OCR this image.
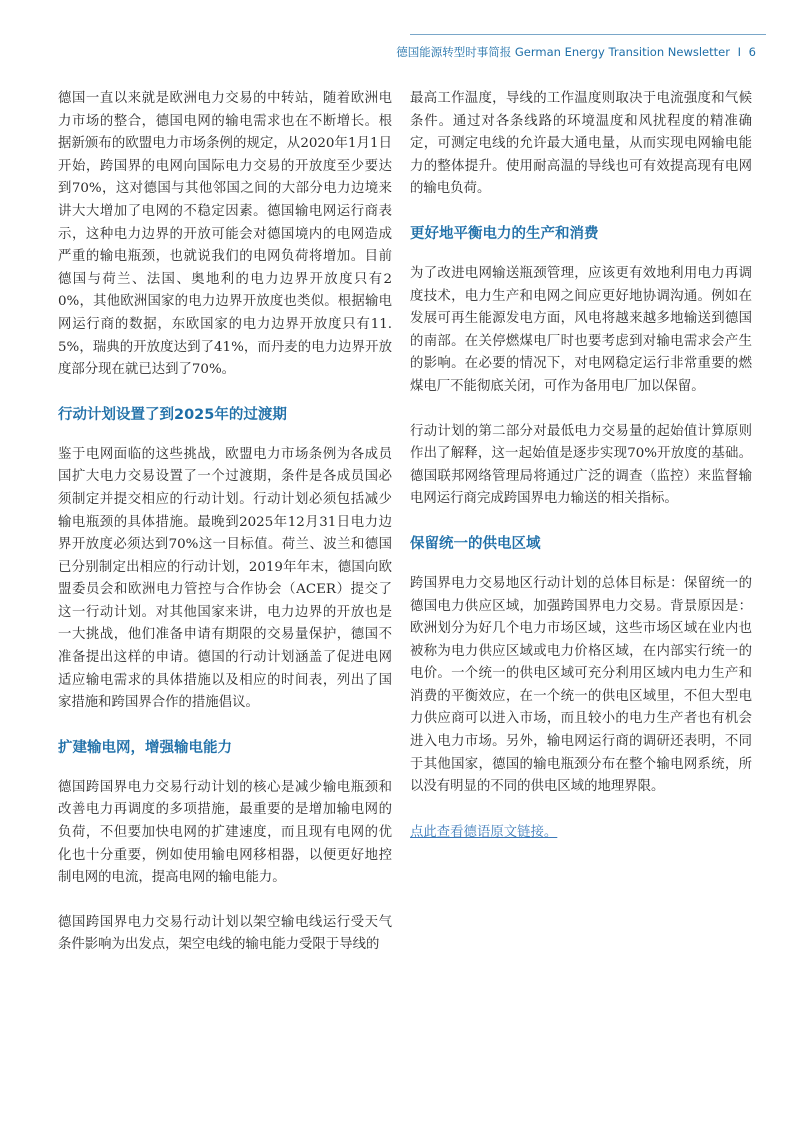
德国能源转型时事简报 German Energy Transition Newsletter I 6

德国一直以来就是欧洲电力交易的中转站，随着欧洲电力市场的整合，德国电网的输电需求也在不断增长。根据新颁布的欧盟电力市场条例的规定，从2020年1月1日开始，跨国界的电网向国际电力交易的开放度至少要达到70%，这对德国与其他邻国之间的大部分电力边境来讲大大增加了电网的不稳定因素。德国输电网运行商表示，这种电力边界的开放可能会对德国境内的电网造成严重的输电瓶颈，也就说我们的电网负荷将增加。目前德国与荷兰、法国、奥地利的电力边界开放度只有20%，其他欧洲国家的电力边界开放度也类似。根据输电网运行商的数据，东欧国家的电力边界开放度只有11.5%，瑞典的开放度达到了41%，而丹麦的电力边界开放度部分现在就已达到了70%。

行动计划设置了到2025年的过渡期

鉴于电网面临的这些挑战，欧盟电力市场条例为各成员国扩大电力交易设置了一个过渡期，条件是各成员国必须制定并提交相应的行动计划。行动计划必须包括减少输电瓶颈的具体措施。最晚到2025年12月31日电力边界开放度必须达到70%这一目标值。荷兰、波兰和德国已分别制定出相应的行动计划，2019年年末，德国向欧盟委员会和欧洲电力管控与合作协会（ACER）提交了这一行动计划。对其他国家来讲，电力边界的开放也是一大挑战，他们准备申请有期限的交易量保护，德国不准备提出这样的申请。德国的行动计划涵盖了促进电网适应输电需求的具体措施以及相应的时间表，列出了国家措施和跨国界合作的措施倡议。

扩建输电网，增强输电能力

德国跨国界电力交易行动计划的核心是减少输电瓶颈和改善电力再调度的多项措施，最重要的是增加输电网的负荷，不但要加快电网的扩建速度，而且现有电网的优化也十分重要，例如使用输电网移相器，以便更好地控制电网的电流，提高电网的输电能力。

德国跨国界电力交易行动计划以架空输电线运行受天气条件影响为出发点，架空电线的输电能力受限于导线的

最高工作温度，导线的工作温度则取决于电流强度和气候条件。通过对各条线路的环境温度和风扰程度的精准确定，可测定电线的允许最大通电量，从而实现电网输电能力的整体提升。使用耐高温的导线也可有效提高现有电网的输电负荷。

更好地平衡电力的生产和消费

为了改进电网输送瓶颈管理，应该更有效地利用电力再调度技术，电力生产和电网之间应更好地协调沟通。例如在发展可再生能源发电方面，风电将越来越多地输送到德国的南部。在关停燃煤电厂时也要考虑到对输电需求会产生的影响。在必要的情况下，对电网稳定运行非常重要的燃煤电厂不能彻底关闭，可作为备用电厂加以保留。

行动计划的第二部分对最低电力交易量的起始值计算原则作出了解释，这一起始值是逐步实现70%开放度的基础。德国联邦网络管理局将通过广泛的调查（监控）来监督输电网运行商完成跨国界电力输送的相关指标。

保留统一的供电区域

跨国界电力交易地区行动计划的总体目标是：保留统一的德国电力供应区域，加强跨国界电力交易。背景原因是：欧洲划分为好几个电力市场区域，这些市场区域在业内也被称为电力供应区域或电力价格区域，在内部实行统一的电价。一个统一的供电区域可充分利用区域内电力生产和消费的平衡效应，在一个统一的供电区域里，不但大型电力供应商可以进入市场，而且较小的电力生产者也有机会进入电力市场。另外，输电网运行商的调研还表明，不同于其他国家，德国的输电瓶颈分布在整个输电网系统，所以没有明显的不同的供电区域的地理界限。

点此查看德语原文链接。
